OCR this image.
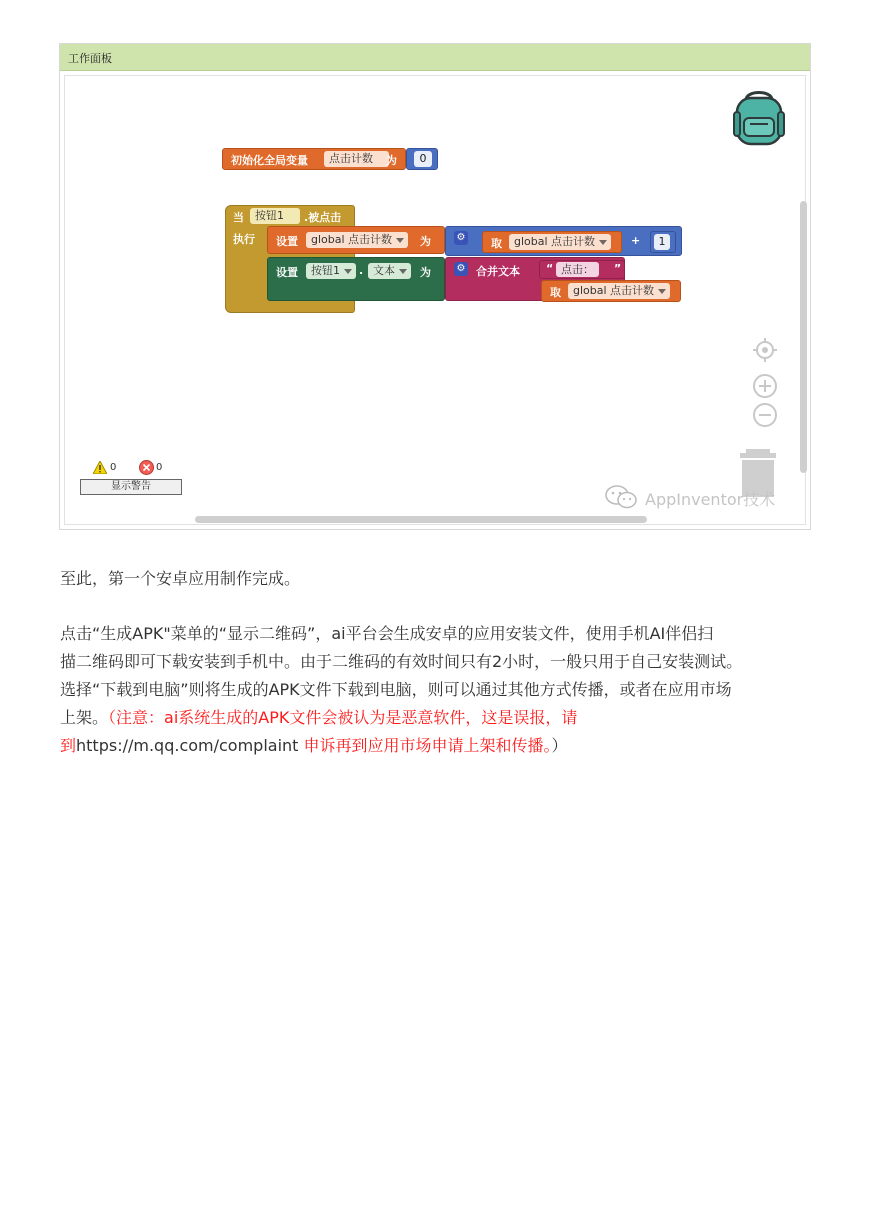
工作面板
初始化全局变量	点击计数	为	0
当	按钮1	.被点击
执行 设置	global 点击计数	为	⚙	+
取	global 点击计数	1
设置	按钮1	. 文本	为	⚙ 合并文本 “ 点击：	”
取	global 点击计数
0	0
显示警告
AppInventor技术
至此，第一个安卓应用制作完成。
点击“生成APK"菜单的“显示二维码”，ai平台会生成安卓的应用安装文件，使用手机AI伴侣扫
描二维码即可下载安装到手机中。由于二维码的有效时间只有2小时，一般只用于自己安装测试。
选择“下载到电脑”则将生成的APK文件下载到电脑，则可以通过其他方式传播，或者在应用市场
上架。（注意：ai系统生成的APK文件会被认为是恶意软件，这是误报，请
到https://m.qq.com/complaint 申诉再到应用市场申请上架和传播。）
